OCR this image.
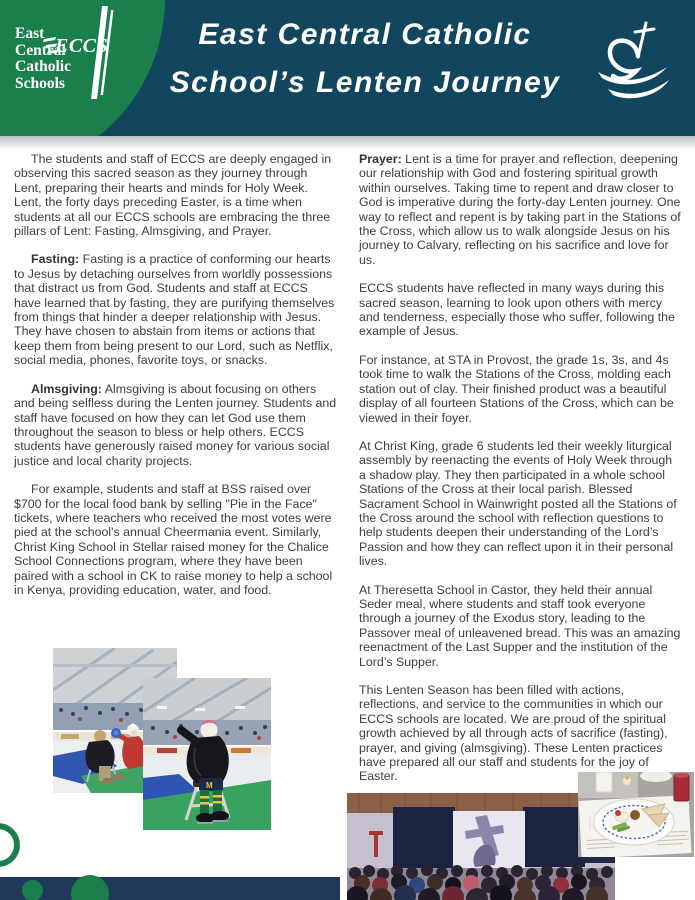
ECCS
East
Central
Catholic
Schools
East Central Catholic
School’s Lenten Journey

The students and staff of ECCS are deeply engaged in observing this sacred season as they journey through Lent, preparing their hearts and minds for Holy Week. Lent, the forty days preceding Easter, is a time when students at all our ECCS schools are embracing the three pillars of Lent: Fasting, Almsgiving, and Prayer.

Fasting: Fasting is a practice of conforming our hearts to Jesus by detaching ourselves from worldly possessions that distract us from God. Students and staff at ECCS have learned that by fasting, they are purifying themselves from things that hinder a deeper relationship with Jesus. They have chosen to abstain from items or actions that keep them from being present to our Lord, such as Netflix, social media, phones, favorite toys, or snacks.

Almsgiving: Almsgiving is about focusing on others and being selfless during the Lenten journey. Students and staff have focused on how they can let God use them throughout the season to bless or help others. ECCS students have generously raised money for various social justice and local charity projects.

For example, students and staff at BSS raised over $700 for the local food bank by selling "Pie in the Face" tickets, where teachers who received the most votes were pied at the school's annual Cheermania event. Similarly, Christ King School in Stellar raised money for the Chalice School Connections program, where they have been paired with a school in CK to raise money to help a school in Kenya, providing education, water, and food.

Prayer: Lent is a time for prayer and reflection, deepening our relationship with God and fostering spiritual growth within ourselves. Taking time to repent and draw closer to God is imperative during the forty-day Lenten journey. One way to reflect and repent is by taking part in the Stations of the Cross, which allow us to walk alongside Jesus on his journey to Calvary, reflecting on his sacrifice and love for us.

ECCS students have reflected in many ways during this sacred season, learning to look upon others with mercy and tenderness, especially those who suffer, following the example of Jesus.

For instance, at STA in Provost, the grade 1s, 3s, and 4s took time to walk the Stations of the Cross, molding each station out of clay. Their finished product was a beautiful display of all fourteen Stations of the Cross, which can be viewed in their foyer.

At Christ King, grade 6 students led their weekly liturgical assembly by reenacting the events of Holy Week through a shadow play. They then participated in a whole school Stations of the Cross at their local parish. Blessed Sacrament School in Wainwright posted all the Stations of the Cross around the school with reflection questions to help students deepen their understanding of the Lord’s Passion and how they can reflect upon it in their personal lives.

At Theresetta School in Castor, they held their annual Seder meal, where students and staff took everyone through a journey of the Exodus story, leading to the Passover meal of unleavened bread. This was an amazing reenactment of the Last Supper and the institution of the Lord’s Supper.

This Lenten Season has been filled with actions, reflections, and service to the communities in which our ECCS schools are located. We are proud of the spiritual growth achieved by all through acts of sacrifice (fasting), prayer, and giving (almsgiving). These Lenten practices have prepared all our staff and students for the joy of Easter.

M
